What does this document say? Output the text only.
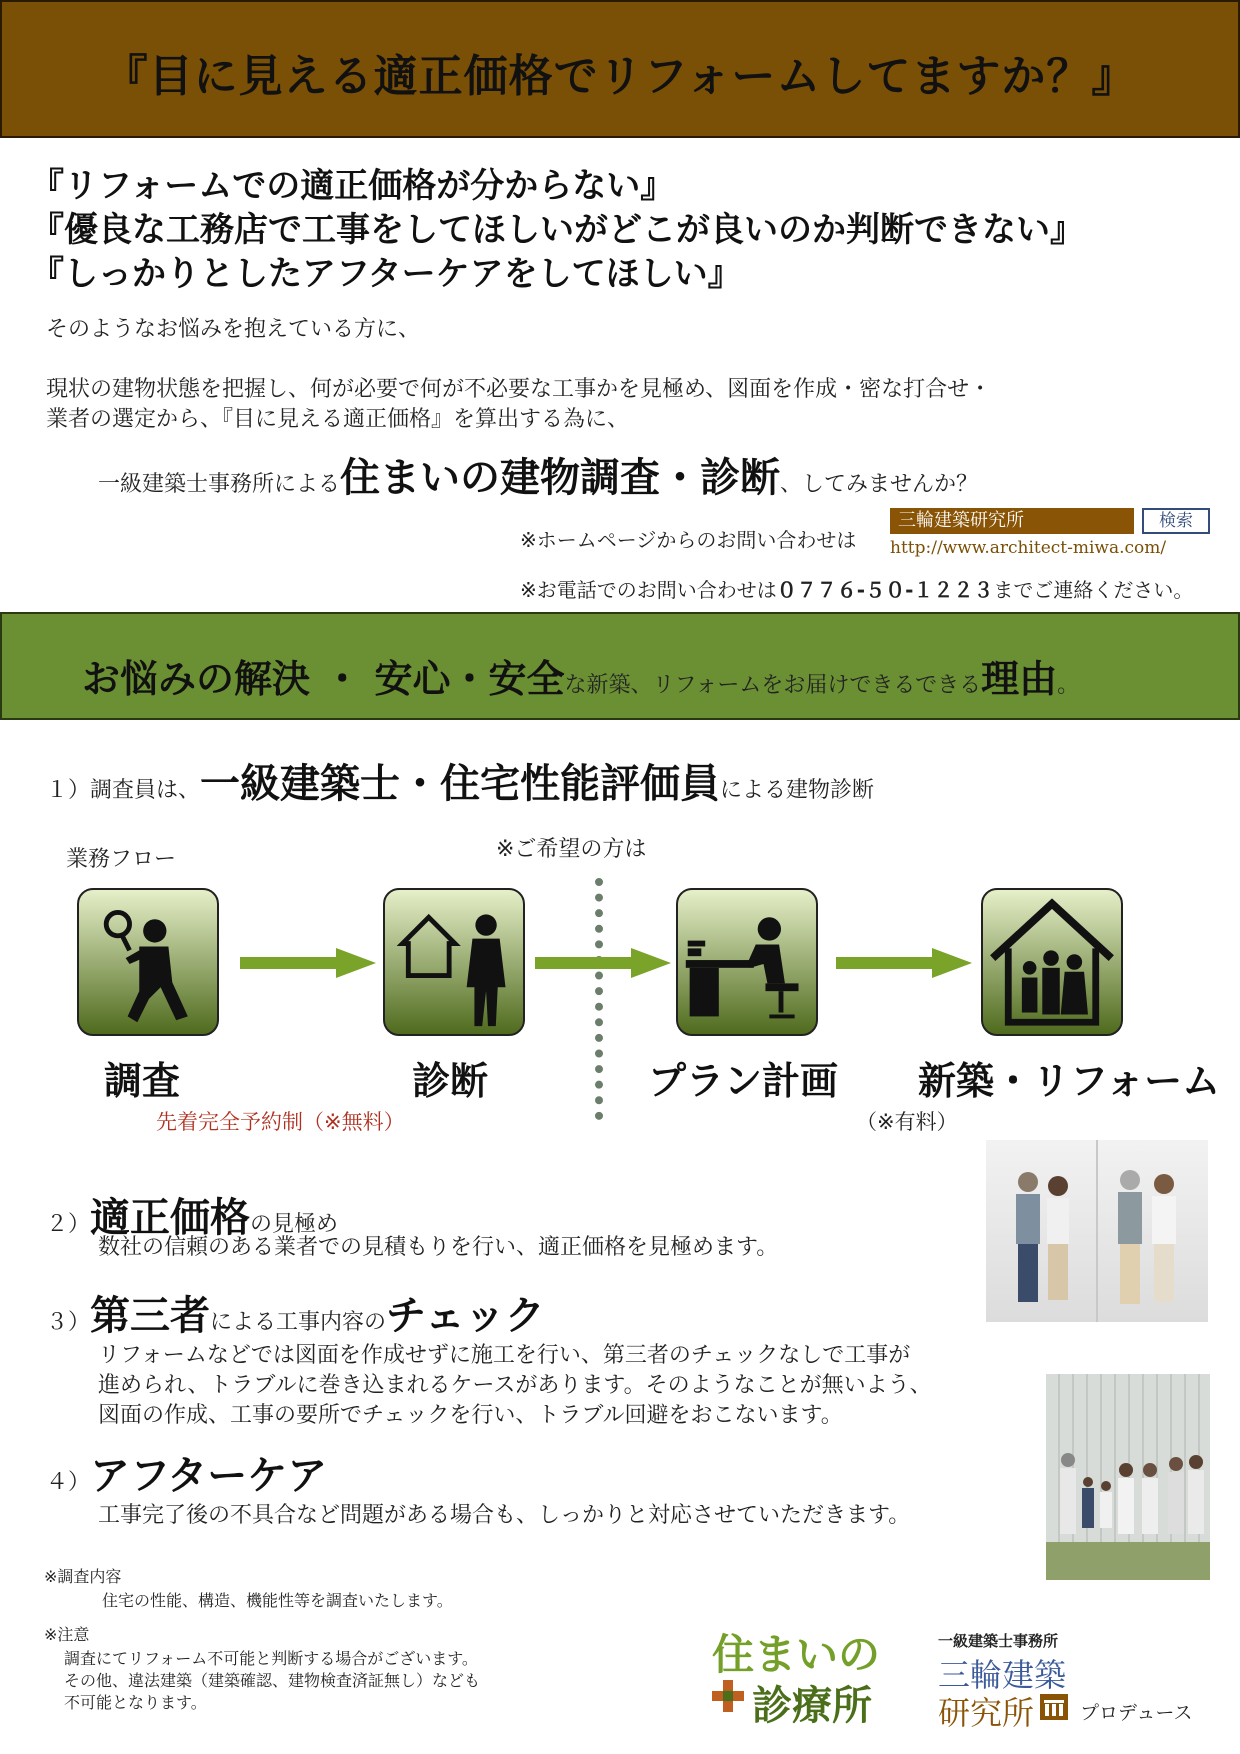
『目に見える適正価格でリフォームしてますか？』
『リフォームでの適正価格が分からない』
『優良な工務店で工事をしてほしいがどこが良いのか判断できない』
『しっかりとしたアフターケアをしてほしい』
そのようなお悩みを抱えている方に、
現状の建物状態を把握し、何が必要で何が不必要な工事かを見極め、図面を作成・密な打合せ・
業者の選定から、『目に見える適正価格』を算出する為に、
一級建築士事務所による住まいの建物調査・診断、してみませんか？
※ホームページからのお問い合わせは
三輪建築研究所	検索
http://www.architect-miwa.com/
※お電話でのお問い合わせは０７７６-５０-１２２３までご連絡ください。
お悩みの解決 ・ 安心・安全な新築、リフォームをお届けできるできる理由。
１）調査員は、一級建築士・住宅性能評価員による建物診断
業務フロー	※ご希望の方は
調査	診断	プラン計画 新築・リフォーム
先着完全予約制（※無料）	（※有料）
２）適正価格の見極め
数社の信頼のある業者での見積もりを行い、適正価格を見極めます。
３）第三者による工事内容のチェック
リフォームなどでは図面を作成せずに施工を行い、第三者のチェックなしで工事が
進められ、トラブルに巻き込まれるケースがあります。そのようなことが無いよう、
図面の作成、工事の要所でチェックを行い、トラブル回避をおこないます。
４）アフターケア
工事完了後の不具合など問題がある場合も、しっかりと対応させていただきます。
※調査内容
住宅の性能、構造、機能性等を調査いたします。
※注意
調査にてリフォーム不可能と判断する場合がございます。
その他、違法建築（建築確認、建物検査済証無し）なども
不可能となります。
住まいの
診療所
一級建築士事務所
三輪建築
研究所 プロデュース
